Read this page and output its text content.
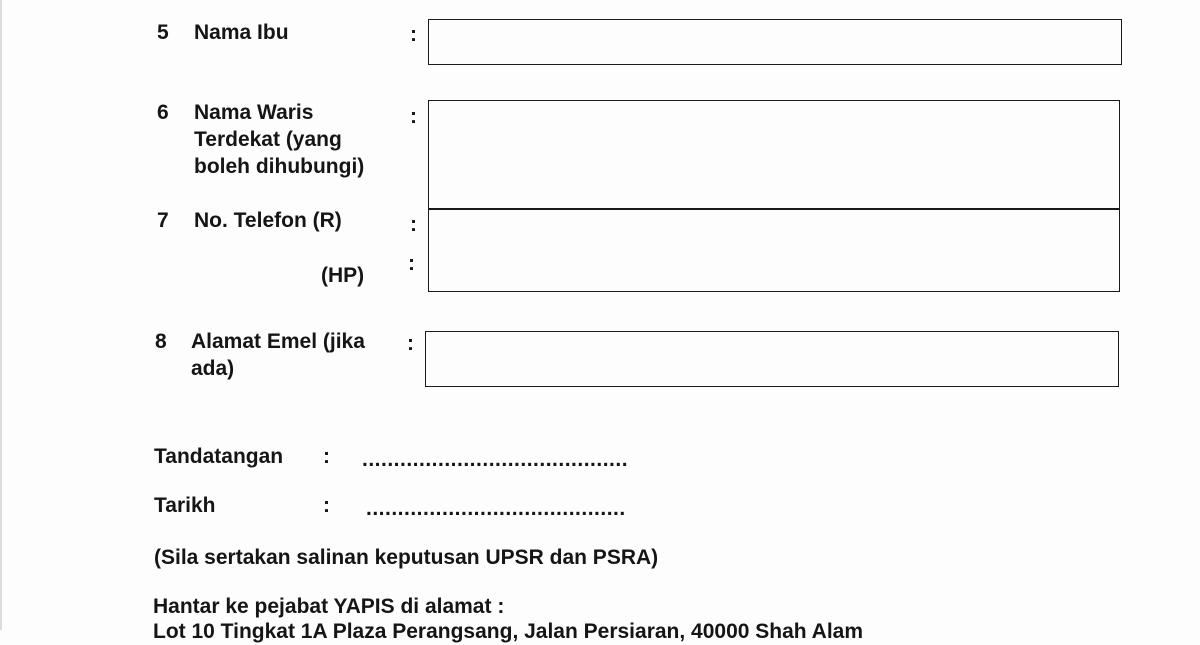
5 Nama Ibu	:
6 Nama Waris
Terdekat (yang
boleh dihubungi)
:
7 No. Telefon (R)	:
(HP)
:
8 Alamat Emel (jika
ada)
:
Tandatangan : ..........................................
Tarikh	: .........................................
(Sila sertakan salinan keputusan UPSR dan PSRA)
Hantar ke pejabat YAPIS di alamat :
Lot 10 Tingkat 1A Plaza Perangsang, Jalan Persiaran, 40000 Shah Alam
